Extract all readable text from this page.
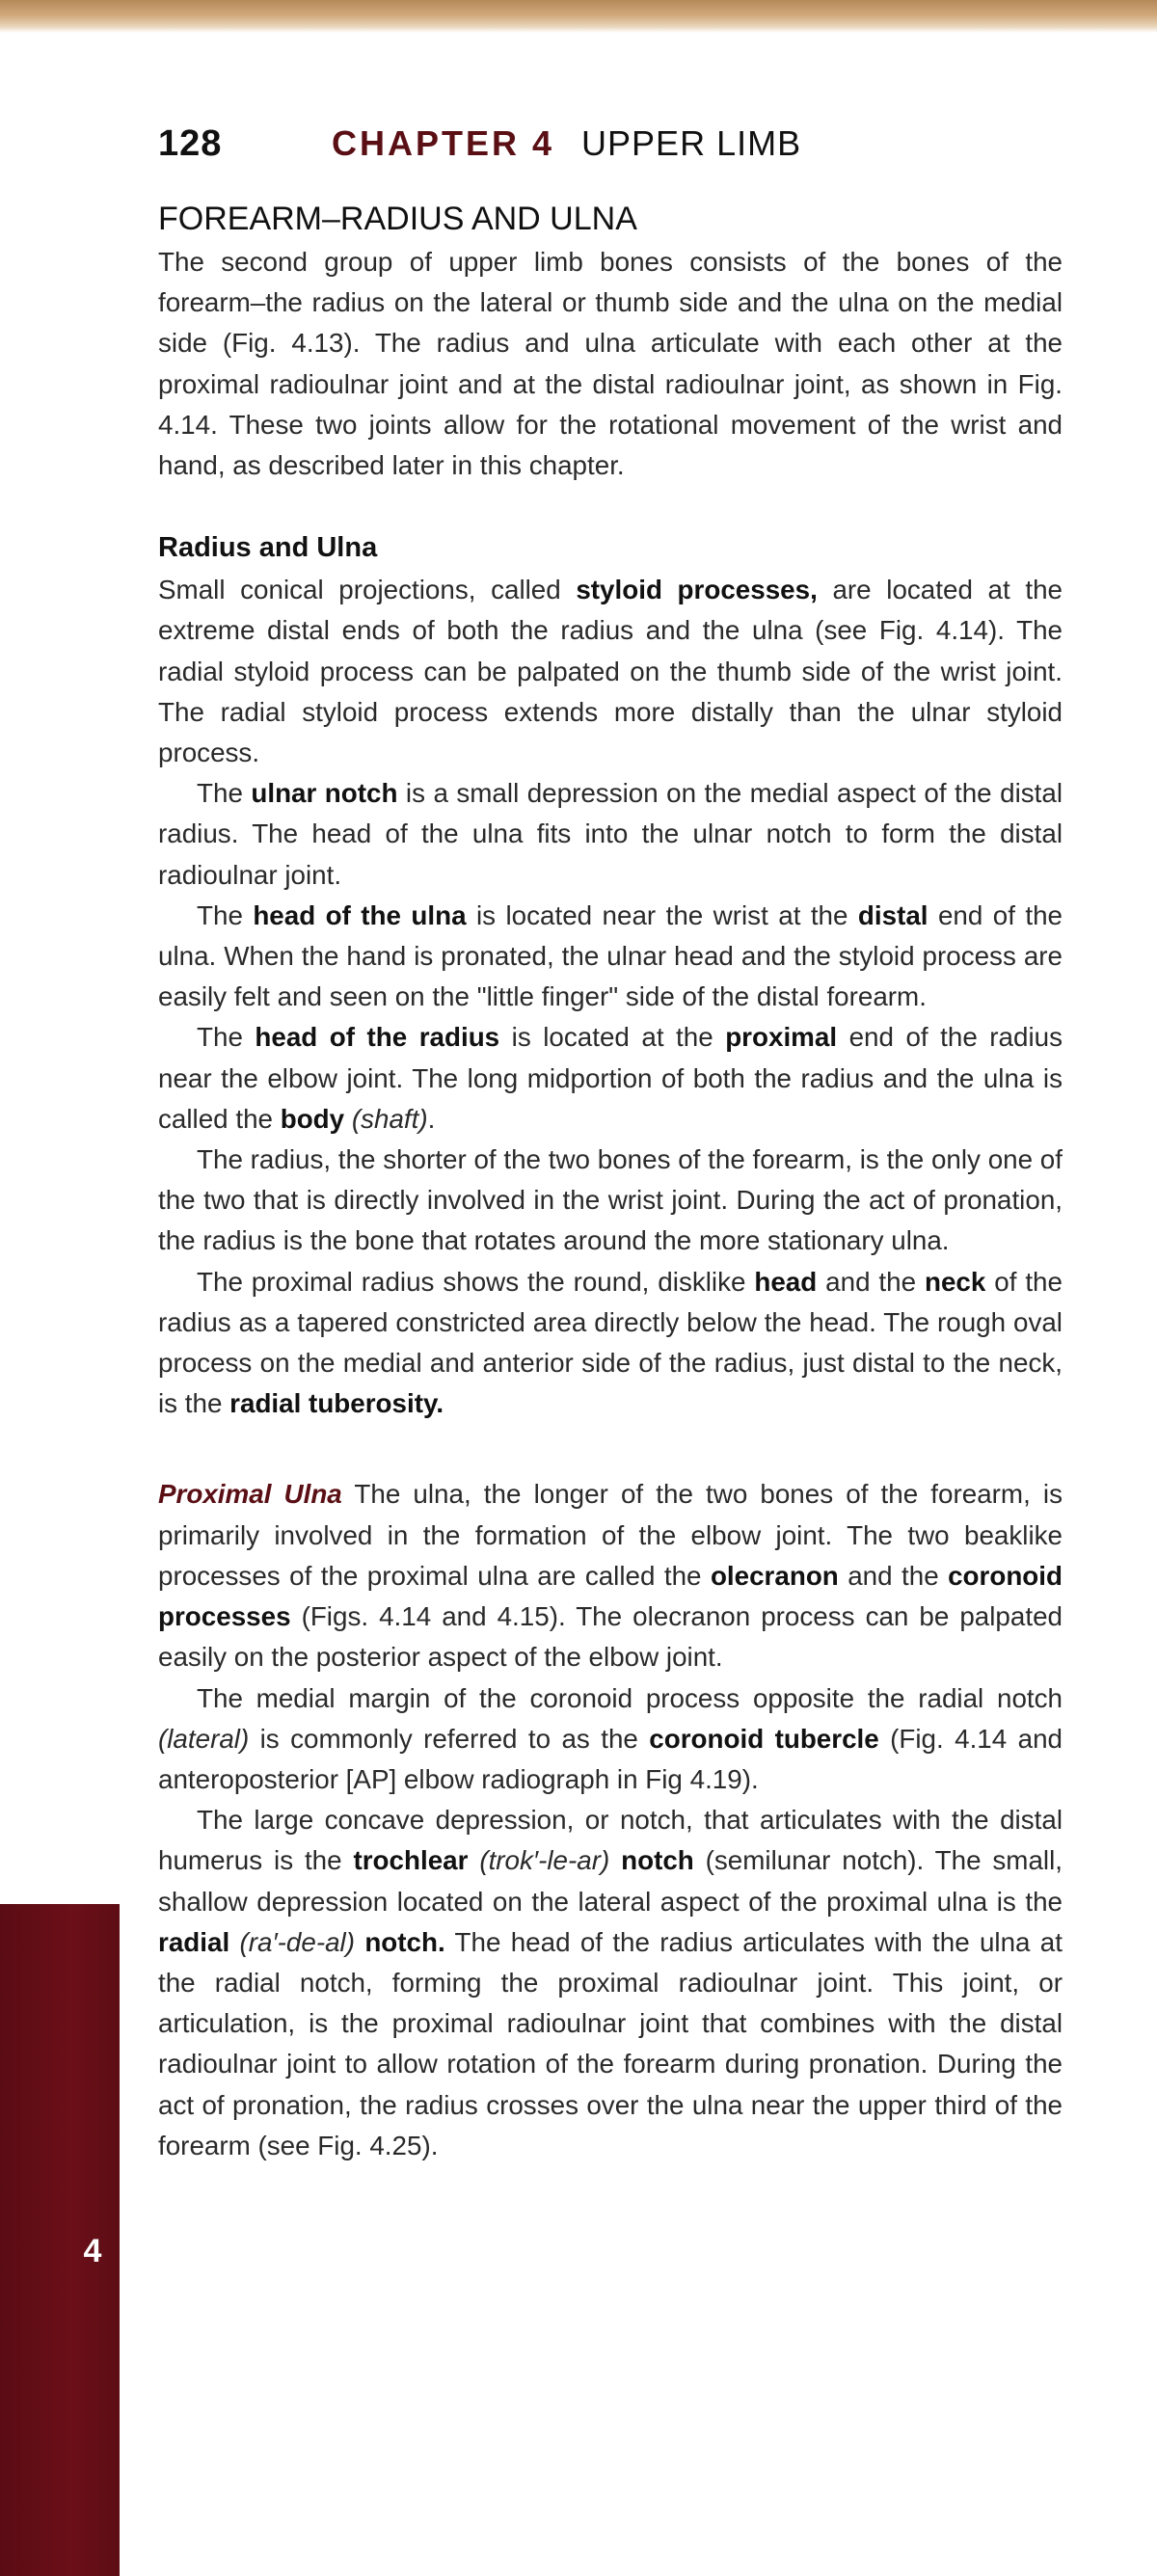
4
128	CHAPTER 4 UPPER LIMB
FOREARM–RADIUS AND ULNA

The second group of upper limb bones consists of the bones of the forearm–the radius on the lateral or thumb side and the ulna on the medial side (Fig. 4.13). The radius and ulna articulate with each other at the proximal radioulnar joint and at the distal radioulnar joint, as shown in Fig. 4.14. These two joints allow for the rotational movement of the wrist and hand, as described later in this chapter.

Radius and Ulna

Small conical projections, called styloid processes, are located at the extreme distal ends of both the radius and the ulna (see Fig. 4.14). The radial styloid process can be palpated on the thumb side of the wrist joint. The radial styloid process extends more distally than the ulnar styloid process.

The ulnar notch is a small depression on the medial aspect of the distal radius. The head of the ulna fits into the ulnar notch to form the distal radioulnar joint.

The head of the ulna is located near the wrist at the distal end of the ulna. When the hand is pronated, the ulnar head and the styloid process are easily felt and seen on the "little finger" side of the distal forearm.

The head of the radius is located at the proximal end of the radius near the elbow joint. The long midportion of both the radius and the ulna is called the body (shaft).

The radius, the shorter of the two bones of the forearm, is the only one of the two that is directly involved in the wrist joint. During the act of pronation, the radius is the bone that rotates around the more stationary ulna.

The proximal radius shows the round, disklike head and the neck of the radius as a tapered constricted area directly below the head. The rough oval process on the medial and anterior side of the radius, just distal to the neck, is the radial tuberosity.

Proximal Ulna The ulna, the longer of the two bones of the forearm, is primarily involved in the formation of the elbow joint. The two beaklike processes of the proximal ulna are called the olecranon and the coronoid processes (Figs. 4.14 and 4.15). The olecranon process can be palpated easily on the posterior aspect of the elbow joint.

The medial margin of the coronoid process opposite the radial notch (lateral) is commonly referred to as the coronoid tubercle (Fig. 4.14 and anteroposterior [AP] elbow radiograph in Fig 4.19).

The large concave depression, or notch, that articulates with the distal humerus is the trochlear (trok′-le-ar) notch (semilunar notch). The small, shallow depression located on the lateral aspect of the proximal ulna is the radial (ra′-de-al) notch. The head of the radius articulates with the ulna at the radial notch, forming the proximal radioulnar joint. This joint, or articulation, is the proximal radioulnar joint that combines with the distal radioulnar joint to allow rotation of the forearm during pronation. During the act of pronation, the radius crosses over the ulna near the upper third of the forearm (see Fig. 4.25).
